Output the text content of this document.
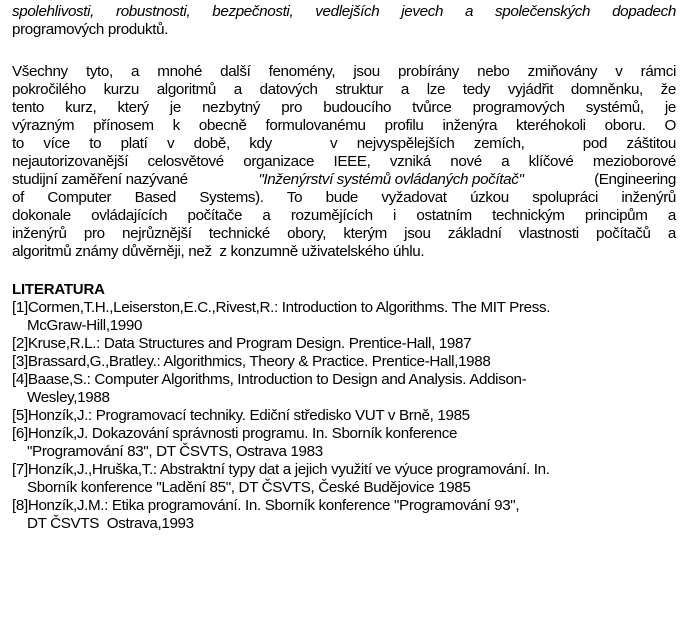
spolehlivosti, robustnosti, bezpečnosti, vedlejších jevech a společenských dopadech
programových produktů.
Všechny tyto, a mnohé další fenomény, jsou probírány nebo zmiňovány v rámci
pokročilého kurzu algoritmů a datových struktur a lze tedy vyjádřit domněnku, že
tento kurz, který je nezbytný pro budoucího tvůrce programových systémů, je
výrazným přínosem k obecně formulovanému profilu inženýra kteréhokoli oboru. O
to více to platí v době, kdy   v nejvyspělejších zemích,   pod záštitou
nejautorizovanější celosvětové organizace IEEE, vzniká nové a klíčové mezioborové
studijní zaměření nazývané	"Inženýrství systémů ovládaných počítač"	(Engineering
of Computer Based Systems). To bude vyžadovat úzkou spolupráci inženýrů
dokonale ovládajících počítače a rozumějících i ostatním technickým principům a
inženýrů pro nejrůznější technické obory, kterým jsou základní vlastnosti počítačů a
algoritmů známy důvěrněji, než  z konzumně uživatelského úhlu.
LITERATURA
[1]Cormen,T.H.,Leiserston,E.C.,Rivest,R.: Introduction to Algorithms. The MIT Press.
McGraw-Hill,1990
[2]Kruse,R.L.: Data Structures and Program Design. Prentice-Hall, 1987
[3]Brassard,G.,Bratley.: Algorithmics, Theory & Practice. Prentice-Hall,1988
[4]Baase,S.: Computer Algorithms, Introduction to Design and Analysis. Addison-
Wesley,1988
[5]Honzík,J.: Programovací techniky. Ediční středisko VUT v Brně, 1985
[6]Honzík,J. Dokazování správnosti programu. In. Sborník konference
"Programování 83", DT ČSVTS, Ostrava 1983
[7]Honzík,J.,Hruška,T.: Abstraktní typy dat a jejich využití ve výuce programování. In.
Sborník konference "Ladění 85", DT ČSVTS, České Budějovice 1985
[8]Honzík,J.M.: Etika programování. In. Sborník konference "Programování 93",
DT ČSVTS  Ostrava,1993
